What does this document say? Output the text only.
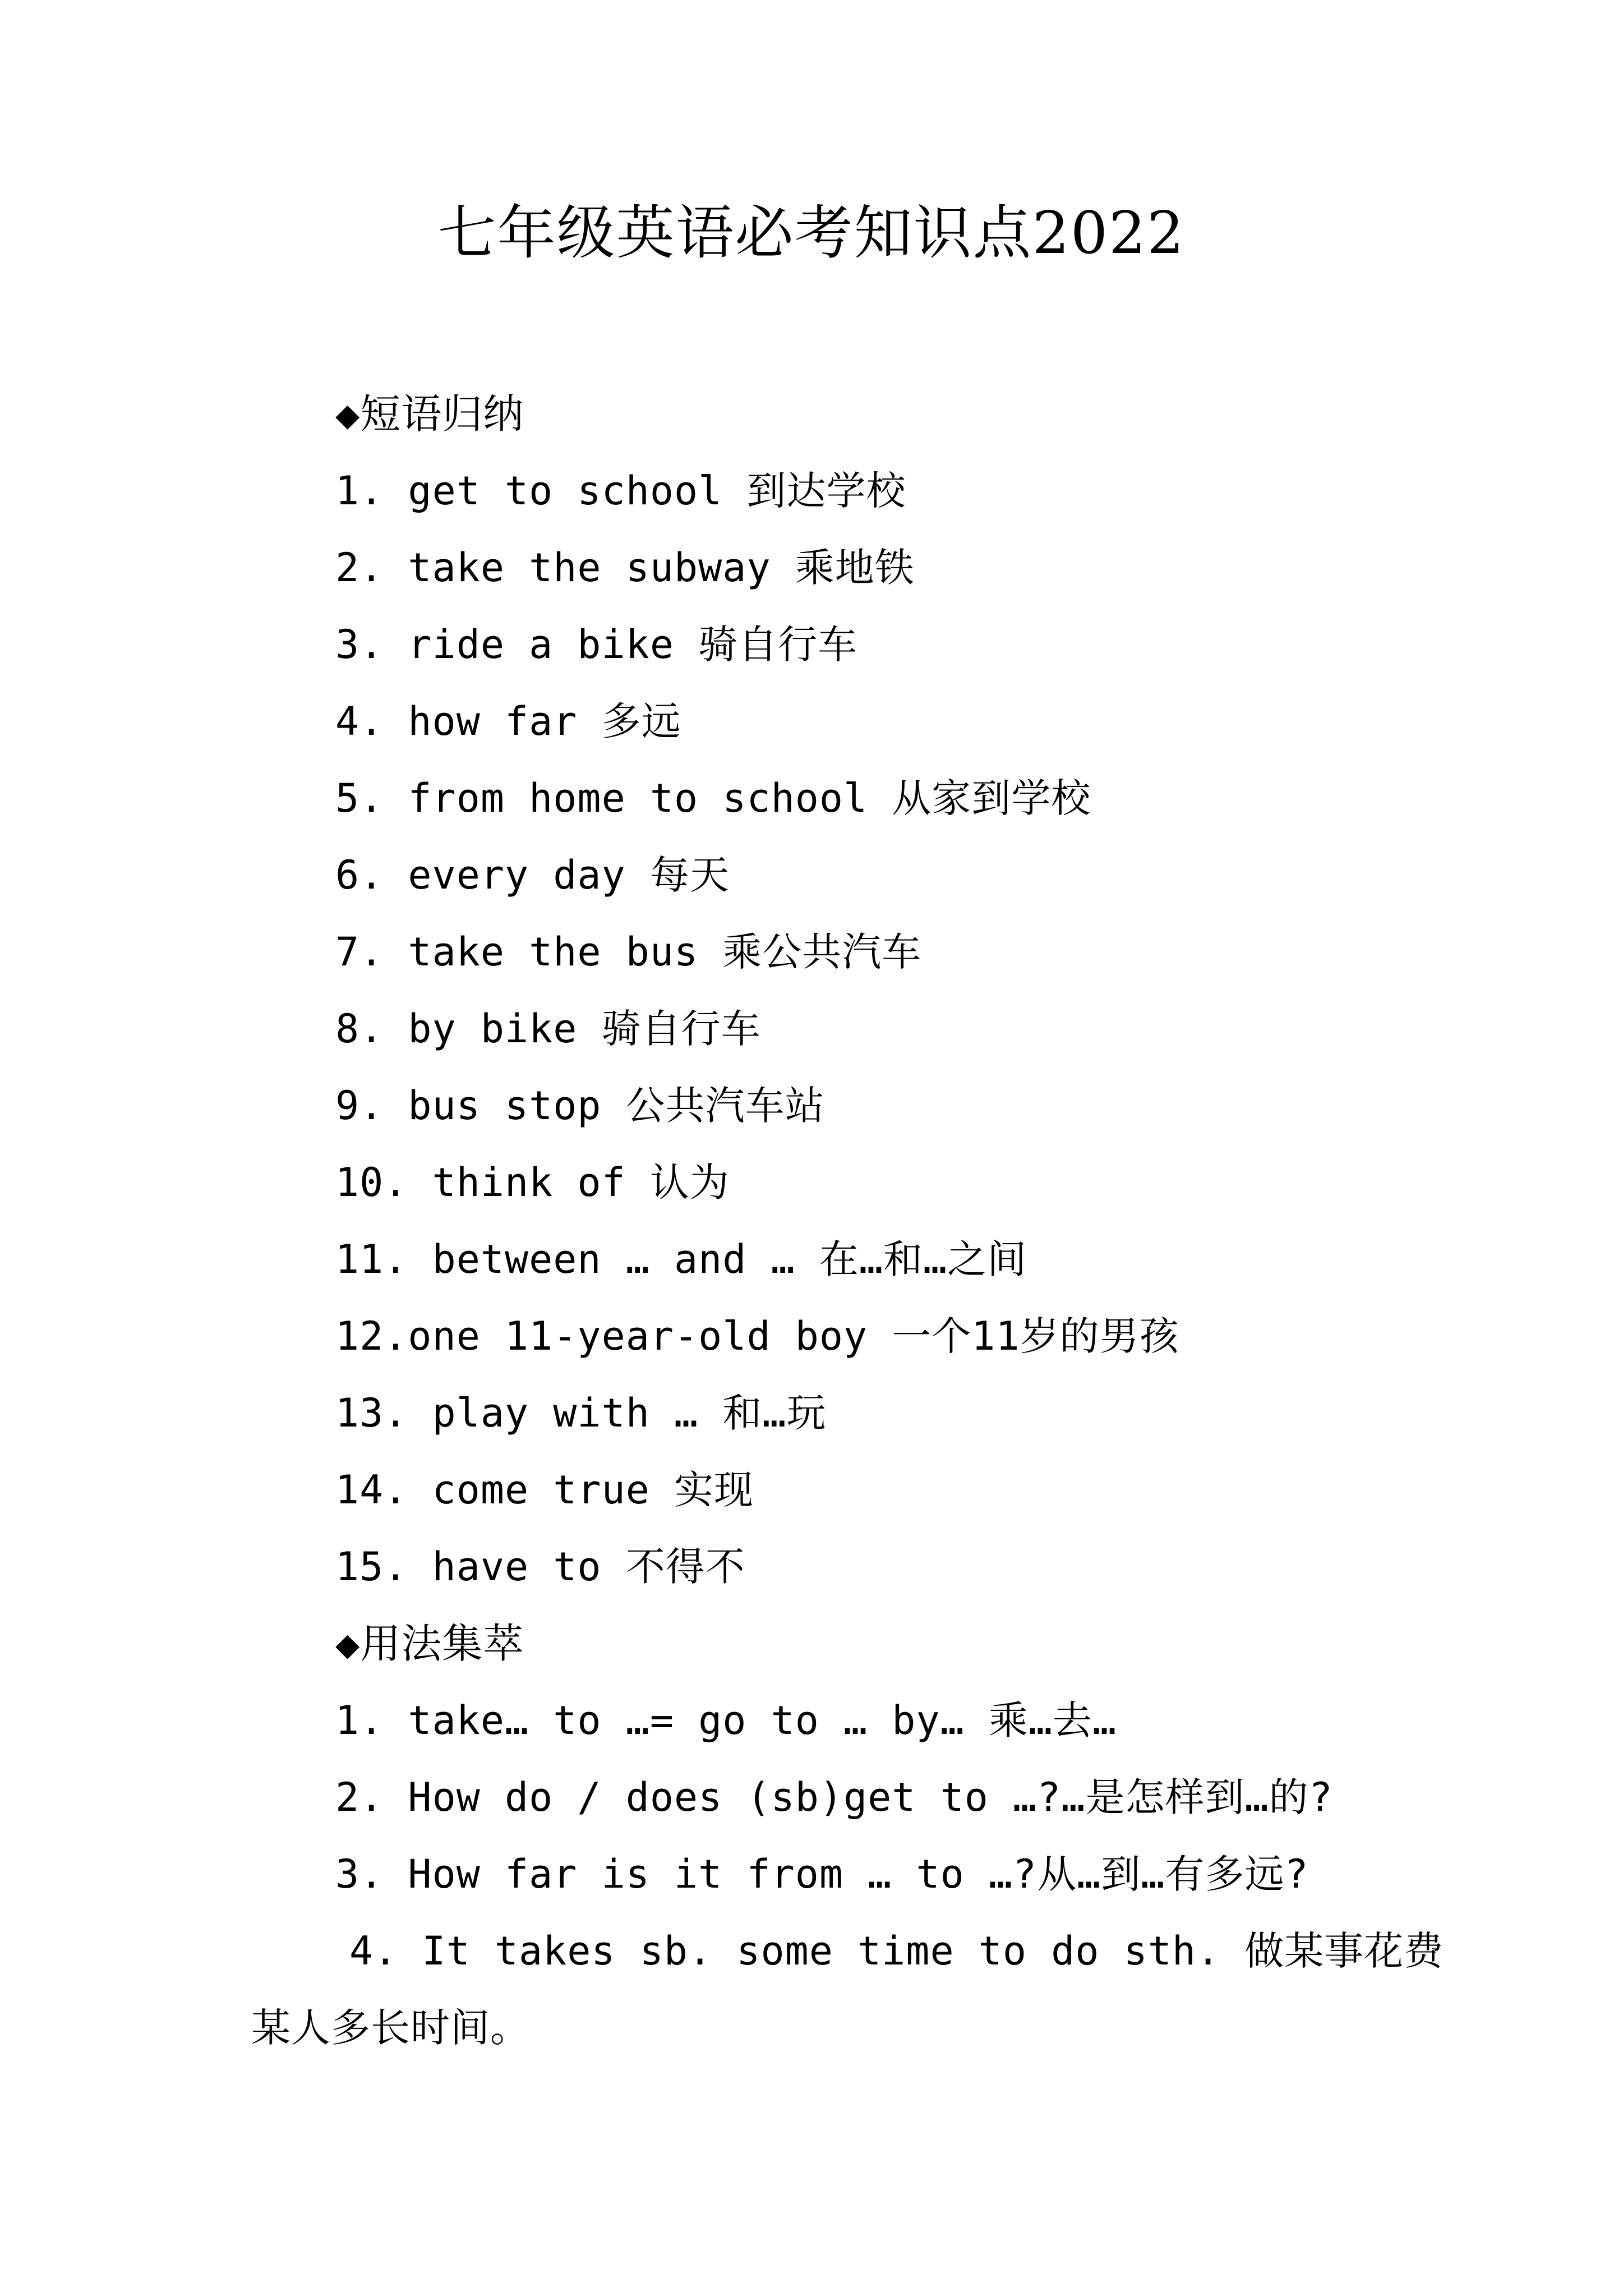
七年级英语必考知识点2022
◆短语归纳
1. get to school 到达学校
2. take the subway 乘地铁
3. ride a bike 骑自行车
4. how far 多远
5. from home to school 从家到学校
6. every day 每天
7. take the bus 乘公共汽车
8. by bike 骑自行车
9. bus stop 公共汽车站
10. think of 认为
11. between … and … 在…和…之间
12.one 11-year-old boy 一个11岁的男孩
13. play with … 和…玩
14. come true 实现
15. have to 不得不
◆用法集萃
1. take… to …= go to … by… 乘…去…
2. How do / does (sb)get to …?…是怎样到…的?
3. How far is it from … to …?从…到…有多远?
4. It takes sb. some time to do sth. 做某事花费
某人多长时间。
